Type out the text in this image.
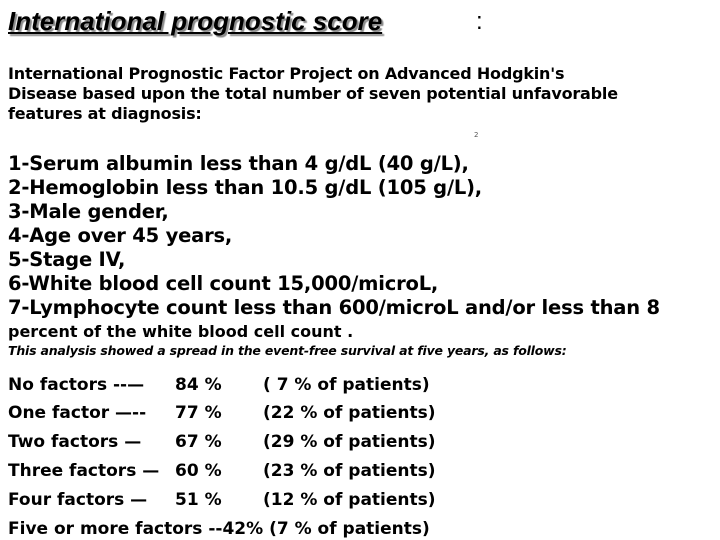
International prognostic score	:
International Prognostic Factor Project on Advanced Hodgkin's
Disease based upon the total number of seven potential unfavorable
features at diagnosis:
2
1-Serum albumin less than 4 g/dL (40 g/L),
2-Hemoglobin less than 10.5 g/dL (105 g/L),
3-Male gender,
4-Age over 45 years,
5-Stage IV,
6-White blood cell count 15,000/microL,
7-Lymphocyte count less than 600/microL and/or less than 8
percent of the white blood cell count .
This analysis showed a spread in the event-free survival at five years, as follows:
No factors --— 84 % ( 7 % of patients)
One factor —-- 77 % (22 % of patients)
Two factors — 67 % (29 % of patients)
Three factors — 60 % (23 % of patients)
Four factors — 51 % (12 % of patients)
Five or more factors --42% (7 % of patients)
